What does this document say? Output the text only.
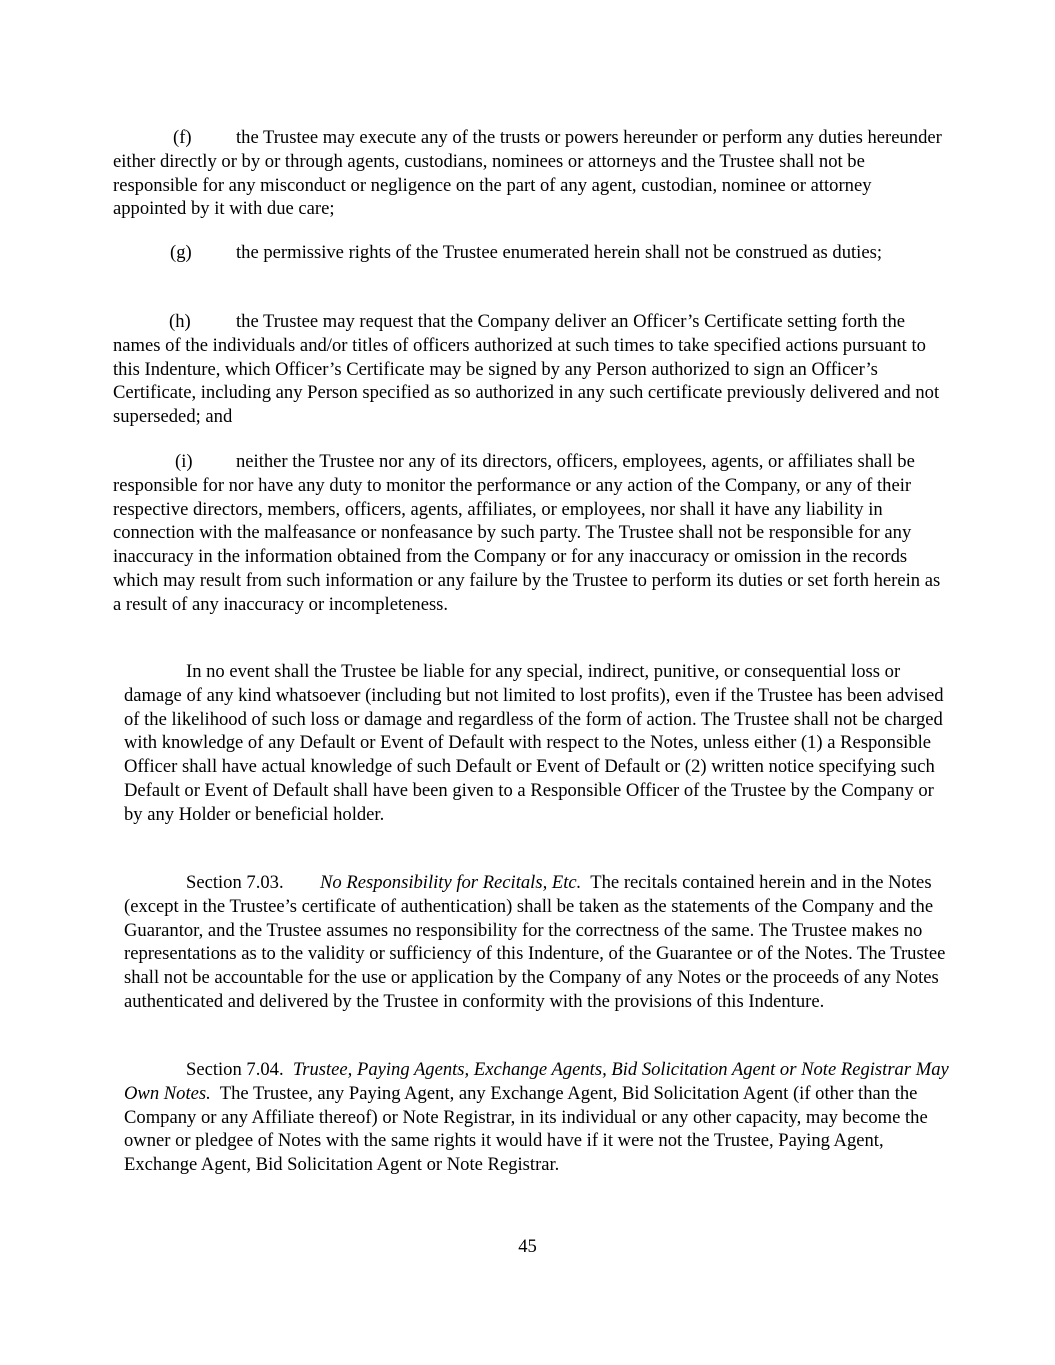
(f) the Trustee may execute any of the trusts or powers hereunder or perform any duties hereunder either directly or by or through agents, custodians, nominees or attorneys and the Trustee shall not be responsible for any misconduct or negligence on the part of any agent, custodian, nominee or attorney appointed by it with due care;

(g) the permissive rights of the Trustee enumerated herein shall not be construed as duties;

(h) the Trustee may request that the Company deliver an Officer’s Certificate setting forth the names of the individuals and/or titles of officers authorized at such times to take specified actions pursuant to this Indenture, which Officer’s Certificate may be signed by any Person authorized to sign an Officer’s Certificate, including any Person specified as so authorized in any such certificate previously delivered and not superseded; and

(i) neither the Trustee nor any of its directors, officers, employees, agents, or affiliates shall be responsible for nor have any duty to monitor the performance or any action of the Company, or any of their respective directors, members, officers, agents, affiliates, or employees, nor shall it have any liability in connection with the malfeasance or nonfeasance by such party. The Trustee shall not be responsible for any inaccuracy in the information obtained from the Company or for any inaccuracy or omission in the records which may result from such information or any failure by the Trustee to perform its duties or set forth herein as a result of any inaccuracy or incompleteness.

In no event shall the Trustee be liable for any special, indirect, punitive, or consequential loss or damage of any kind whatsoever (including but not limited to lost profits), even if the Trustee has been advised of the likelihood of such loss or damage and regardless of the form of action. The Trustee shall not be charged with knowledge of any Default or Event of Default with respect to the Notes, unless either (1) a Responsible Officer shall have actual knowledge of such Default or Event of Default or (2) written notice specifying such Default or Event of Default shall have been given to a Responsible Officer of the Trustee by the Company or by any Holder or beneficial holder.

Section 7.03. No Responsibility for Recitals, Etc. The recitals contained herein and in the Notes (except in the Trustee’s certificate of authentication) shall be taken as the statements of the Company and the Guarantor, and the Trustee assumes no responsibility for the correctness of the same. The Trustee makes no representations as to the validity or sufficiency of this Indenture, of the Guarantee or of the Notes. The Trustee shall not be accountable for the use or application by the Company of any Notes or the proceeds of any Notes authenticated and delivered by the Trustee in conformity with the provisions of this Indenture.

Section 7.04. Trustee, Paying Agents, Exchange Agents, Bid Solicitation Agent or Note Registrar May Own Notes. The Trustee, any Paying Agent, any Exchange Agent, Bid Solicitation Agent (if other than the Company or any Affiliate thereof) or Note Registrar, in its individual or any other capacity, may become the owner or pledgee of Notes with the same rights it would have if it were not the Trustee, Paying Agent, Exchange Agent, Bid Solicitation Agent or Note Registrar.

45
